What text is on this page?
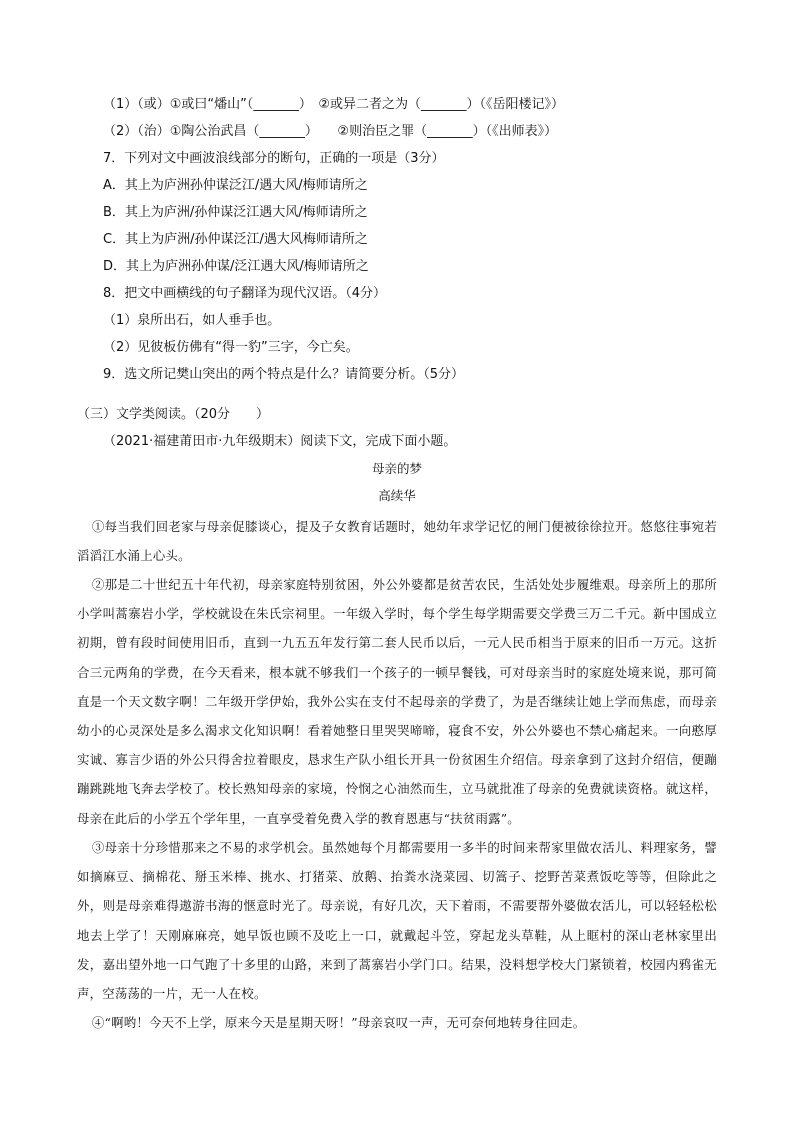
（1）（或）①或曰“燔山”（_______）　②或异二者之为（_______）（《岳阳楼记》）
（2）（治）①陶公治武昌（_______）　　②则治臣之罪（_______）（《出师表》）
7．下列对文中画波浪线部分的断句，正确的一项是（3分）
A．其上为庐洲孙仲谋泛江/遇大风/梅师请所之
B．其上为庐洲/孙仲谋泛江遇大风/梅师请所之
C．其上为庐洲/孙仲谋泛江/遇大风梅师请所之
D．其上为庐洲孙仲谋/泛江遇大风/梅师请所之
8．把文中画横线的句子翻译为现代汉语。（4分）
（1）泉所出石，如人垂手也。
（2）见彼板仿佛有“得一豹”三字，今亡矣。
9．选文所记樊山突出的两个特点是什么？请简要分析。（5分）
（三）文学类阅读。（20分　　）
（2021·福建莆田市·九年级期末）阅读下文，完成下面小题。
母亲的梦
高续华
①每当我们回老家与母亲促膝谈心，提及子女教育话题时，她幼年求学记忆的闸门便被徐徐拉开。悠悠往事宛若滔滔江水涌上心头。
②那是二十世纪五十年代初，母亲家庭特别贫困，外公外婆都是贫苦农民，生活处处步履维艰。母亲所上的那所小学叫蒿寨岩小学，学校就设在朱氏宗祠里。一年级入学时，每个学生每学期需要交学费三万二千元。新中国成立初期，曾有段时间使用旧币，直到一九五五年发行第二套人民币以后，一元人民币相当于原来的旧币一万元。这折合三元两角的学费，在今天看来，根本就不够我们一个孩子的一顿早餐钱，可对母亲当时的家庭处境来说，那可简直是一个天文数字啊！二年级开学伊始，我外公实在支付不起母亲的学费了，为是否继续让她上学而焦虑，而母亲幼小的心灵深处是多么渴求文化知识啊！看着她整日里哭哭啼啼，寝食不安，外公外婆也不禁心痛起来。一向憨厚实诚、寡言少语的外公只得舍拉着眼皮，恳求生产队小组长开具一份贫困生介绍信。母亲拿到了这封介绍信，便蹦蹦跳跳地飞奔去学校了。校长熟知母亲的家境，怜悯之心油然而生，立马就批准了母亲的免费就读资格。就这样，母亲在此后的小学五个学年里，一直享受着免费入学的教育恩惠与“扶贫雨露”。
③母亲十分珍惜那来之不易的求学机会。虽然她每个月都需要用一多半的时间来帮家里做农活儿、料理家务，譬如摘麻豆、摘棉花、掰玉米棒、挑水、打猪菜、放鹅、抬粪水浇菜园、切篙子、挖野苦菜煮饭吃等等，但除此之外，则是母亲难得遨游书海的惬意时光了。母亲说，有好几次，天下着雨，不需要帮外婆做农活儿，可以轻轻松松地去上学了！天刚麻麻亮，她早饭也顾不及吃上一口，就戴起斗笠，穿起龙头草鞋，从上眶村的深山老林家里出发，嘉出望外地一口气跑了十多里的山路，来到了蒿寨岩小学门口。结果，没料想学校大门紧锁着，校园内鸦雀无声，空荡荡的一片，无一人在校。
④“啊哟！今天不上学，原来今天是星期天呀！”母亲哀叹一声，无可奈何地转身往回走。
